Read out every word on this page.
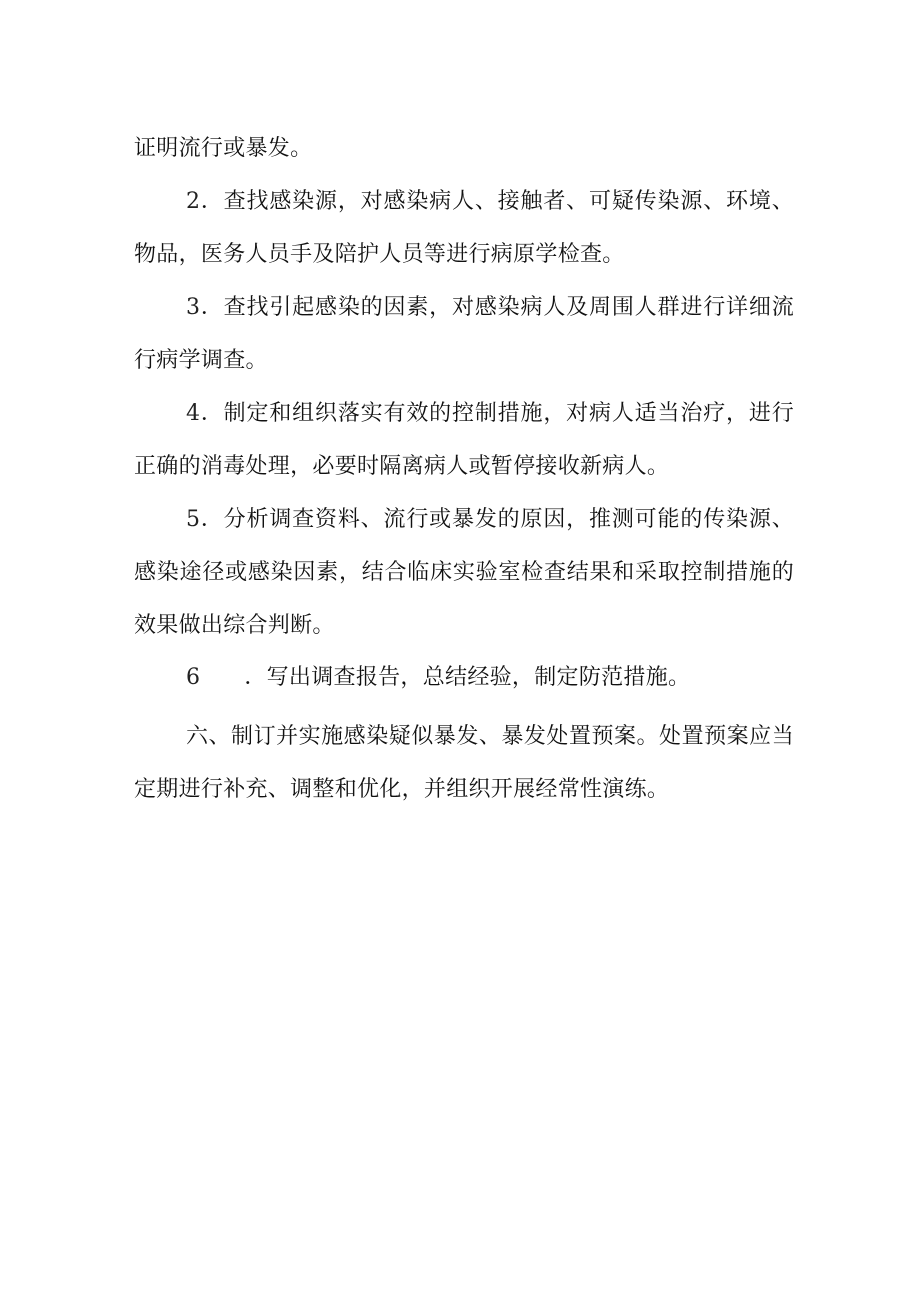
证明流行或暴发。

2．查找感染源，对感染病人、接触者、可疑传染源、环境、物品，医务人员手及陪护人员等进行病原学检查。

3．查找引起感染的因素，对感染病人及周围人群进行详细流行病学调查。

4．制定和组织落实有效的控制措施，对病人适当治疗，进行正确的消毒处理，必要时隔离病人或暂停接收新病人。

5．分析调查资料、流行或暴发的原因，推测可能的传染源、感染途径或感染因素，结合临床实验室检查结果和采取控制措施的效果做出综合判断。

6 ．写出调查报告，总结经验，制定防范措施。

六、制订并实施感染疑似暴发、暴发处置预案。处置预案应当定期进行补充、调整和优化，并组织开展经常性演练。
